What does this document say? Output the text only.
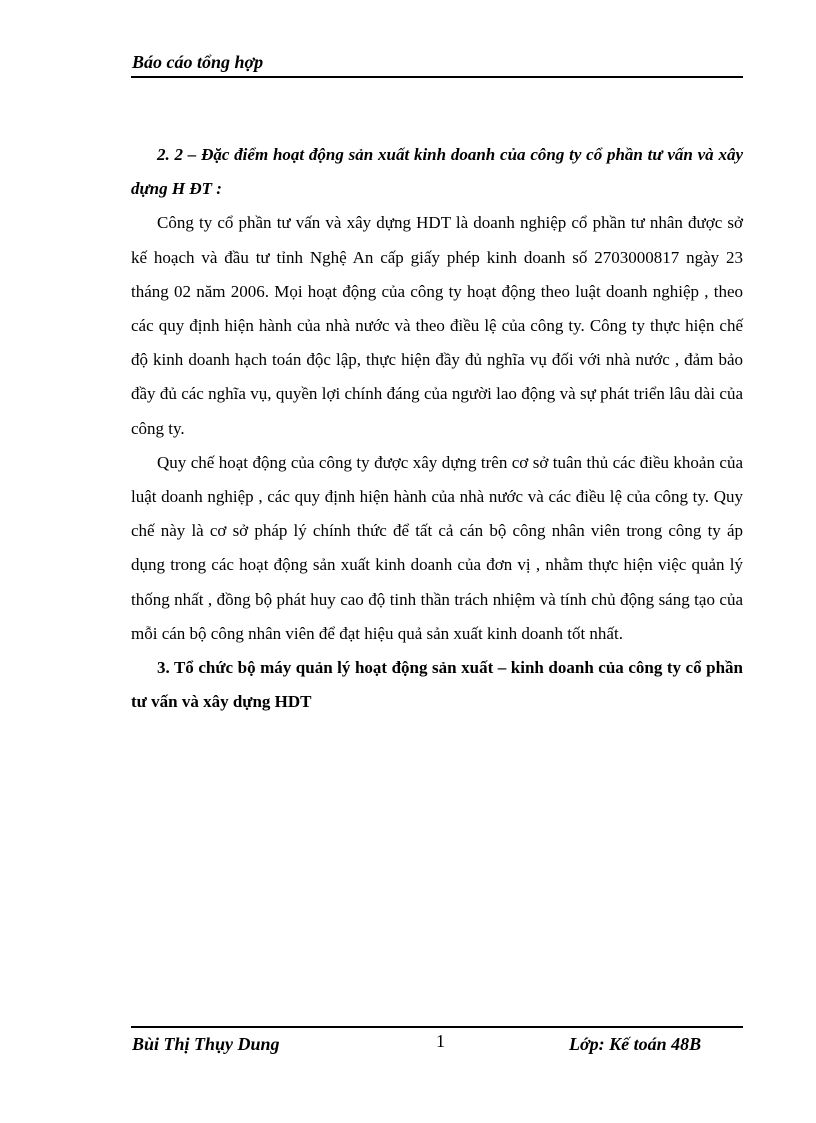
Báo cáo tổng hợp

2. 2 – Đặc điểm hoạt động sản xuất kinh doanh của công ty cổ phần tư vấn và xây dựng H ĐT :

Công ty cổ phần tư vấn và xây dựng HDT là doanh nghiệp cổ phần tư nhân được sở kế hoạch và đầu tư tỉnh Nghệ An cấp giấy phép kinh doanh số 2703000817 ngày 23 tháng 02 năm 2006. Mọi hoạt động của công ty hoạt động theo luật doanh nghiệp , theo các quy định hiện hành của nhà nước và theo điều lệ của công ty. Công ty thực hiện chế độ kinh doanh hạch toán độc lập, thực hiện đầy đủ nghĩa vụ đối với nhà nước , đảm bảo đầy đủ các nghĩa vụ, quyền lợi chính đáng của người lao động và sự phát triển lâu dài của công ty.

Quy chế hoạt động của công ty được xây dựng trên cơ sở tuân thủ các điều khoản của luật doanh nghiệp , các quy định hiện hành của nhà nước và các điều lệ của công ty. Quy chế này là cơ sở pháp lý chính thức để tất cả cán bộ công nhân viên trong công ty áp dụng trong các hoạt động sản xuất kinh doanh của đơn vị , nhằm thực hiện việc quản lý thống nhất , đồng bộ phát huy cao độ tinh thần trách nhiệm và tính chủ động sáng tạo của mỗi cán bộ công nhân viên để đạt hiệu quả sản xuất kinh doanh tốt nhất.

3. Tổ chức bộ máy quản lý hoạt động sản xuất – kinh doanh của công ty cổ phần tư vấn và xây dựng HDT

Bùi Thị Thụy Dung	1	Lớp: Kế toán 48B
